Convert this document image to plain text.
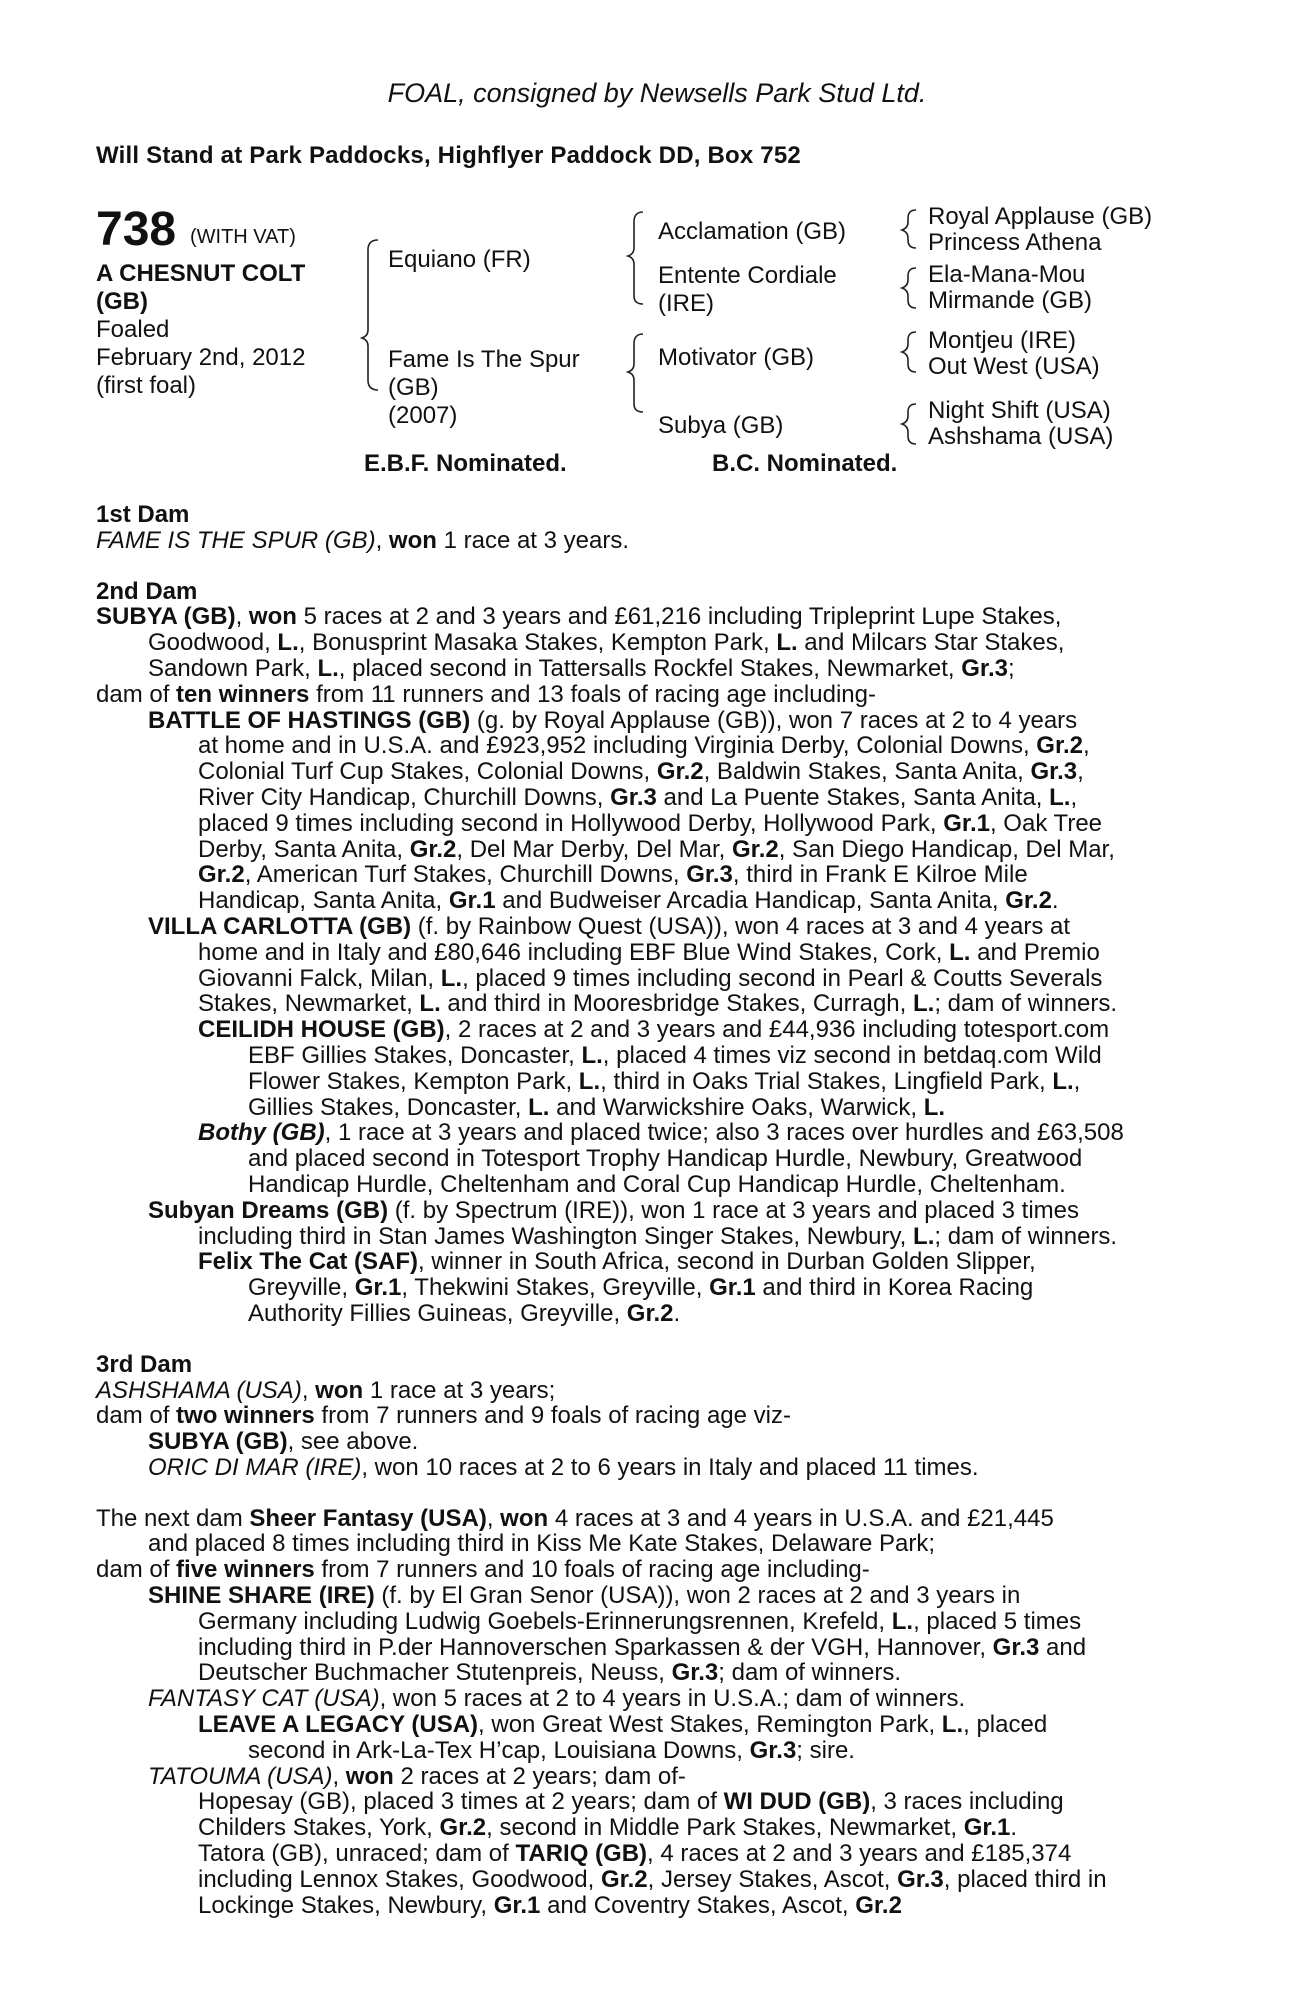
FOAL, consigned by Newsells Park Stud Ltd.
Will Stand at Park Paddocks, Highflyer Paddock DD, Box 752
738 (WITH VAT)
A CHESNUT COLT
(GB)
Foaled
February 2nd, 2012
(first foal)
Equiano (FR)
Fame Is The Spur
(GB)
(2007)
Acclamation (GB)
Entente Cordiale
(IRE)
Motivator (GB)
Subya (GB)
Royal Applause (GB)
Princess Athena
Ela-Mana-Mou
Mirmande (GB)
Montjeu (IRE)
Out West (USA)
Night Shift (USA)
Ashshama (USA)
E.B.F. Nominated.	B.C. Nominated.

1st Dam

FAME IS THE SPUR (GB), won 1 race at 3 years.

2nd Dam

SUBYA (GB), won 5 races at 2 and 3 years and £61,216 including Tripleprint Lupe Stakes,

Goodwood, L., Bonusprint Masaka Stakes, Kempton Park, L. and Milcars Star Stakes,

Sandown Park, L., placed second in Tattersalls Rockfel Stakes, Newmarket, Gr.3;

dam of ten winners from 11 runners and 13 foals of racing age including-

BATTLE OF HASTINGS (GB) (g. by Royal Applause (GB)), won 7 races at 2 to 4 years

at home and in U.S.A. and £923,952 including Virginia Derby, Colonial Downs, Gr.2,

Colonial Turf Cup Stakes, Colonial Downs, Gr.2, Baldwin Stakes, Santa Anita, Gr.3,

River City Handicap, Churchill Downs, Gr.3 and La Puente Stakes, Santa Anita, L.,

placed 9 times including second in Hollywood Derby, Hollywood Park, Gr.1, Oak Tree

Derby, Santa Anita, Gr.2, Del Mar Derby, Del Mar, Gr.2, San Diego Handicap, Del Mar,

Gr.2, American Turf Stakes, Churchill Downs, Gr.3, third in Frank E Kilroe Mile

Handicap, Santa Anita, Gr.1 and Budweiser Arcadia Handicap, Santa Anita, Gr.2.

VILLA CARLOTTA (GB) (f. by Rainbow Quest (USA)), won 4 races at 3 and 4 years at

home and in Italy and £80,646 including EBF Blue Wind Stakes, Cork, L. and Premio

Giovanni Falck, Milan, L., placed 9 times including second in Pearl & Coutts Severals

Stakes, Newmarket, L. and third in Mooresbridge Stakes, Curragh, L.; dam of winners.

CEILIDH HOUSE (GB), 2 races at 2 and 3 years and £44,936 including totesport.com

EBF Gillies Stakes, Doncaster, L., placed 4 times viz second in betdaq.com Wild

Flower Stakes, Kempton Park, L., third in Oaks Trial Stakes, Lingfield Park, L.,

Gillies Stakes, Doncaster, L. and Warwickshire Oaks, Warwick, L.

Bothy (GB), 1 race at 3 years and placed twice; also 3 races over hurdles and £63,508

and placed second in Totesport Trophy Handicap Hurdle, Newbury, Greatwood

Handicap Hurdle, Cheltenham and Coral Cup Handicap Hurdle, Cheltenham.

Subyan Dreams (GB) (f. by Spectrum (IRE)), won 1 race at 3 years and placed 3 times

including third in Stan James Washington Singer Stakes, Newbury, L.; dam of winners.

Felix The Cat (SAF), winner in South Africa, second in Durban Golden Slipper,

Greyville, Gr.1, Thekwini Stakes, Greyville, Gr.1 and third in Korea Racing

Authority Fillies Guineas, Greyville, Gr.2.

3rd Dam

ASHSHAMA (USA), won 1 race at 3 years;

dam of two winners from 7 runners and 9 foals of racing age viz-

SUBYA (GB), see above.

ORIC DI MAR (IRE), won 10 races at 2 to 6 years in Italy and placed 11 times.

The next dam Sheer Fantasy (USA), won 4 races at 3 and 4 years in U.S.A. and £21,445

and placed 8 times including third in Kiss Me Kate Stakes, Delaware Park;

dam of five winners from 7 runners and 10 foals of racing age including-

SHINE SHARE (IRE) (f. by El Gran Senor (USA)), won 2 races at 2 and 3 years in

Germany including Ludwig Goebels-Erinnerungsrennen, Krefeld, L., placed 5 times

including third in P.der Hannoverschen Sparkassen & der VGH, Hannover, Gr.3 and

Deutscher Buchmacher Stutenpreis, Neuss, Gr.3; dam of winners.

FANTASY CAT (USA), won 5 races at 2 to 4 years in U.S.A.; dam of winners.

LEAVE A LEGACY (USA), won Great West Stakes, Remington Park, L., placed

second in Ark-La-Tex H’cap, Louisiana Downs, Gr.3; sire.

TATOUMA (USA), won 2 races at 2 years; dam of-

Hopesay (GB), placed 3 times at 2 years; dam of WI DUD (GB), 3 races including

Childers Stakes, York, Gr.2, second in Middle Park Stakes, Newmarket, Gr.1.

Tatora (GB), unraced; dam of TARIQ (GB), 4 races at 2 and 3 years and £185,374

including Lennox Stakes, Goodwood, Gr.2, Jersey Stakes, Ascot, Gr.3, placed third in

Lockinge Stakes, Newbury, Gr.1 and Coventry Stakes, Ascot, Gr.2
